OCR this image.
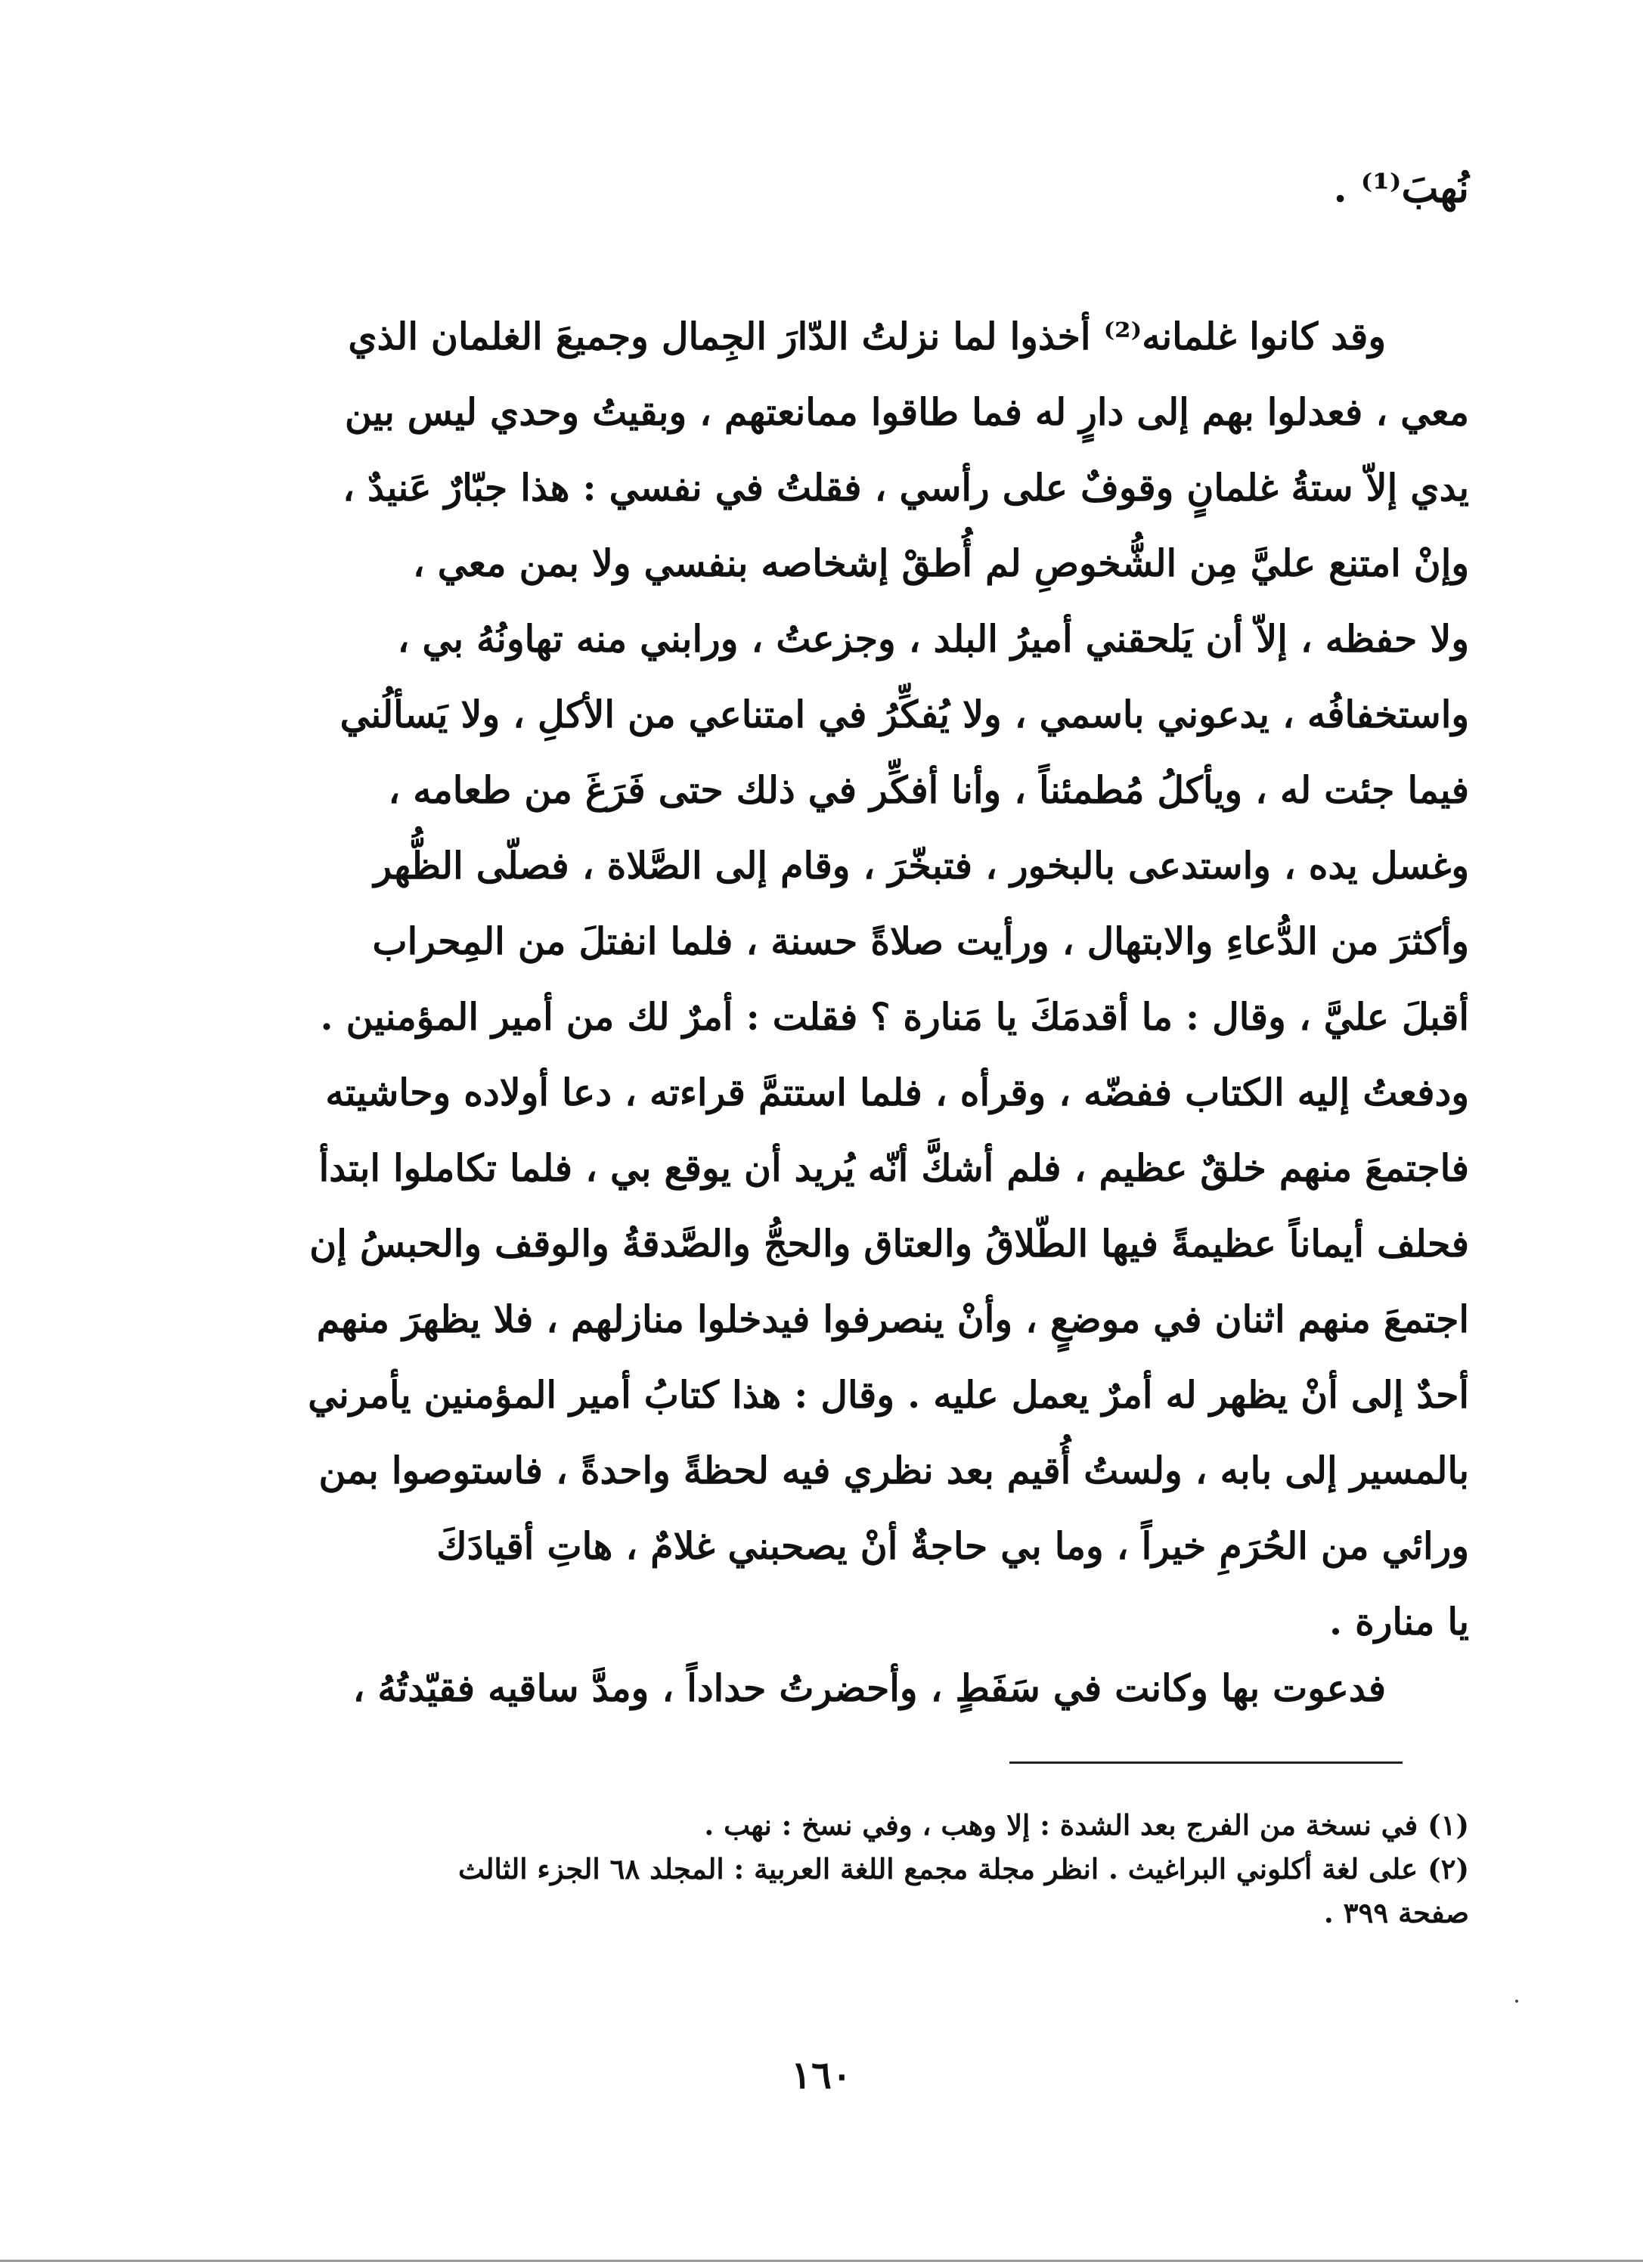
نُهبَ⁽¹⁾ .
وقد كانوا غلمانه⁽²⁾ أخذوا لما نزلتُ الدّارَ الجِمال وجميعَ الغلمان الذي
معي ، فعدلوا بهم إلى دارٍ له فما طاقوا ممانعتهم ، وبقيتُ وحدي ليس بين
يدي إلاّ ستةُ غلمانٍ وقوفٌ على رأسي ، فقلتُ في نفسي : هذا جبّارٌ عَنيدٌ ،
وإنْ امتنع عليَّ مِن الشُّخوصِ لم أُطقْ إشخاصه بنفسي ولا بمن معي ،
ولا حفظه ، إلاّ أن يَلحقني أميرُ البلد ، وجزعتُ ، ورابني منه تهاونُهُ بي ،
واستخفافُه ، يدعوني باسمي ، ولا يُفكِّرُ في امتناعي من الأكلِ ، ولا يَسألُني
فيما جئت له ، ويأكلُ مُطمئناً ، وأنا أفكِّر في ذلك حتى فَرَغَ من طعامه ،
وغسل يده ، واستدعى بالبخور ، فتبخّرَ ، وقام إلى الصَّلاة ، فصلّى الظُّهر
وأكثرَ من الدُّعاءِ والابتهال ، ورأيت صلاةً حسنة ، فلما انفتلَ من المِحراب
أقبلَ عليَّ ، وقال : ما أقدمَكَ يا مَنارة ؟ فقلت : أمرٌ لك من أمير المؤمنين .
ودفعتُ إليه الكتاب ففضّه ، وقرأه ، فلما استتمَّ قراءته ، دعا أولاده وحاشيته
فاجتمعَ منهم خلقٌ عظيم ، فلم أشكَّ أنّه يُريد أن يوقع بي ، فلما تكاملوا ابتدأ
فحلف أيماناً عظيمةً فيها الطّلاقُ والعتاق والحجُّ والصَّدقةُ والوقف والحبسُ إن
اجتمعَ منهم اثنان في موضعٍ ، وأنْ ينصرفوا فيدخلوا منازلهم ، فلا يظهرَ منهم
أحدٌ إلى أنْ يظهر له أمرٌ يعمل عليه . وقال : هذا كتابُ أمير المؤمنين يأمرني
بالمسير إلى بابه ، ولستُ أُقيم بعد نظري فيه لحظةً واحدةً ، فاستوصوا بمن
ورائي من الحُرَمِ خيراً ، وما بي حاجةٌ أنْ يصحبني غلامٌ ، هاتِ أقيادَكَ
يا منارة .
فدعوت بها وكانت في سَفَطٍ ، وأحضرتُ حداداً ، ومدَّ ساقيه فقيّدتُهُ ،
(١) في نسخة من الفرج بعد الشدة : إلا وهب ، وفي نسخ : نهب .
(٢) على لغة أكلوني البراغيث . انظر مجلة مجمع اللغة العربية : المجلد ٦٨ الجزء الثالث
صفحة ٣٩٩ .
١٦٠
